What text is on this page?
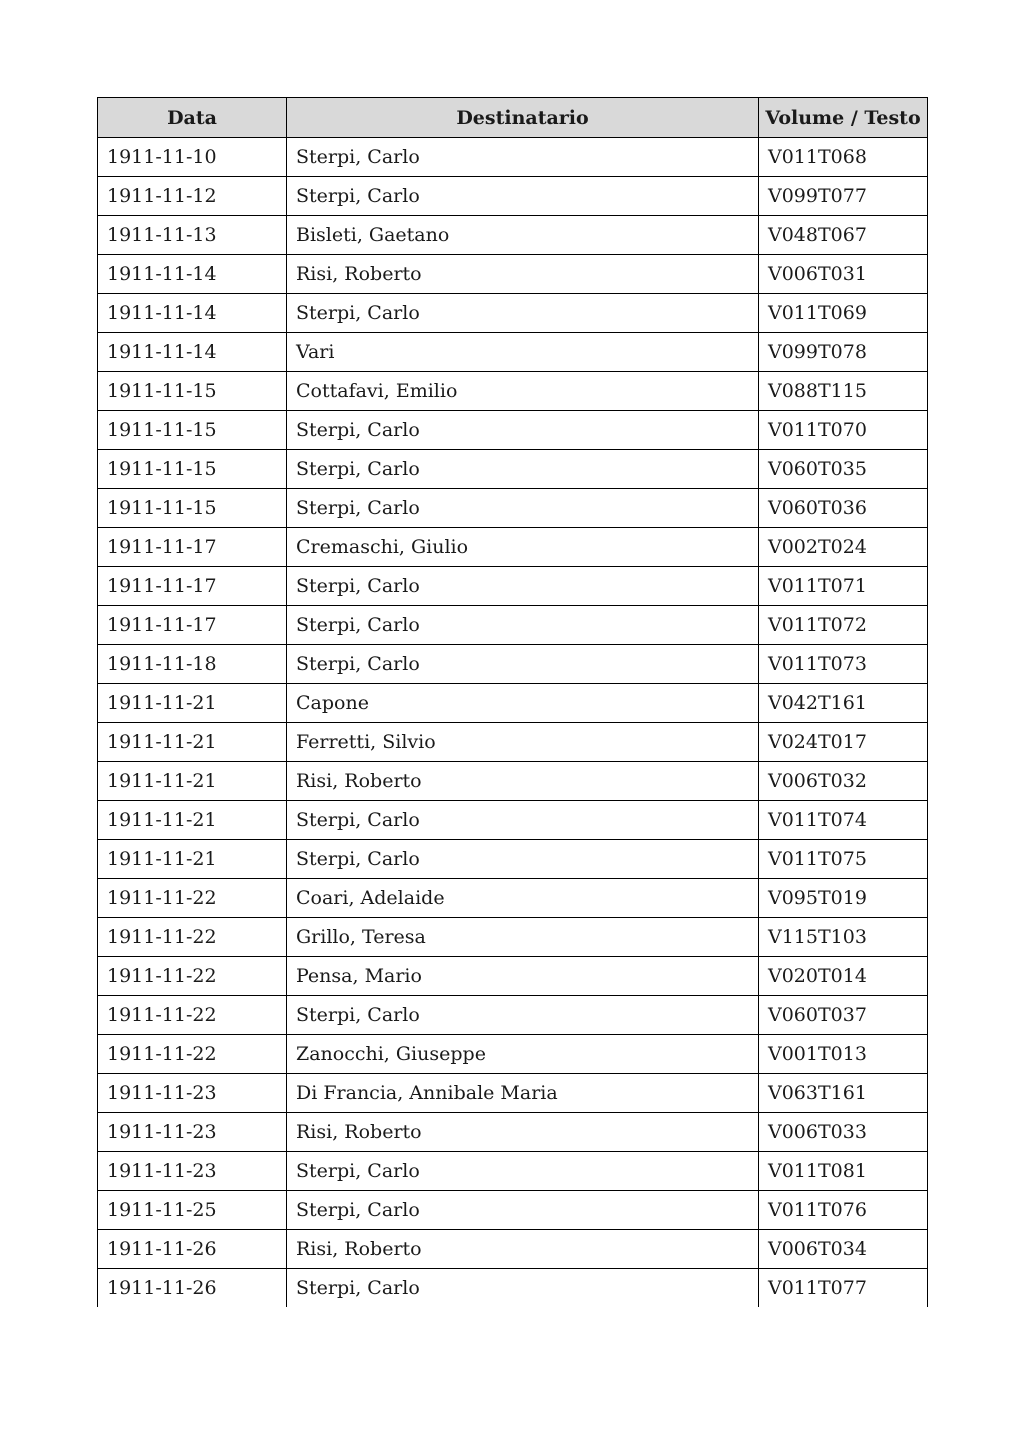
Data	Destinatario	Volume / Testo
1911-11-10	Sterpi, Carlo	V011T068
1911-11-12	Sterpi, Carlo	V099T077
1911-11-13	Bisleti, Gaetano	V048T067
1911-11-14	Risi, Roberto	V006T031
1911-11-14	Sterpi, Carlo	V011T069
1911-11-14	Vari	V099T078
1911-11-15	Cottafavi, Emilio	V088T115
1911-11-15	Sterpi, Carlo	V011T070
1911-11-15	Sterpi, Carlo	V060T035
1911-11-15	Sterpi, Carlo	V060T036
1911-11-17	Cremaschi, Giulio	V002T024
1911-11-17	Sterpi, Carlo	V011T071
1911-11-17	Sterpi, Carlo	V011T072
1911-11-18	Sterpi, Carlo	V011T073
1911-11-21	Capone	V042T161
1911-11-21	Ferretti, Silvio	V024T017
1911-11-21	Risi, Roberto	V006T032
1911-11-21	Sterpi, Carlo	V011T074
1911-11-21	Sterpi, Carlo	V011T075
1911-11-22	Coari, Adelaide	V095T019
1911-11-22	Grillo, Teresa	V115T103
1911-11-22	Pensa, Mario	V020T014
1911-11-22	Sterpi, Carlo	V060T037
1911-11-22	Zanocchi, Giuseppe	V001T013
1911-11-23	Di Francia, Annibale Maria	V063T161
1911-11-23	Risi, Roberto	V006T033
1911-11-23	Sterpi, Carlo	V011T081
1911-11-25	Sterpi, Carlo	V011T076
1911-11-26	Risi, Roberto	V006T034
1911-11-26	Sterpi, Carlo	V011T077
